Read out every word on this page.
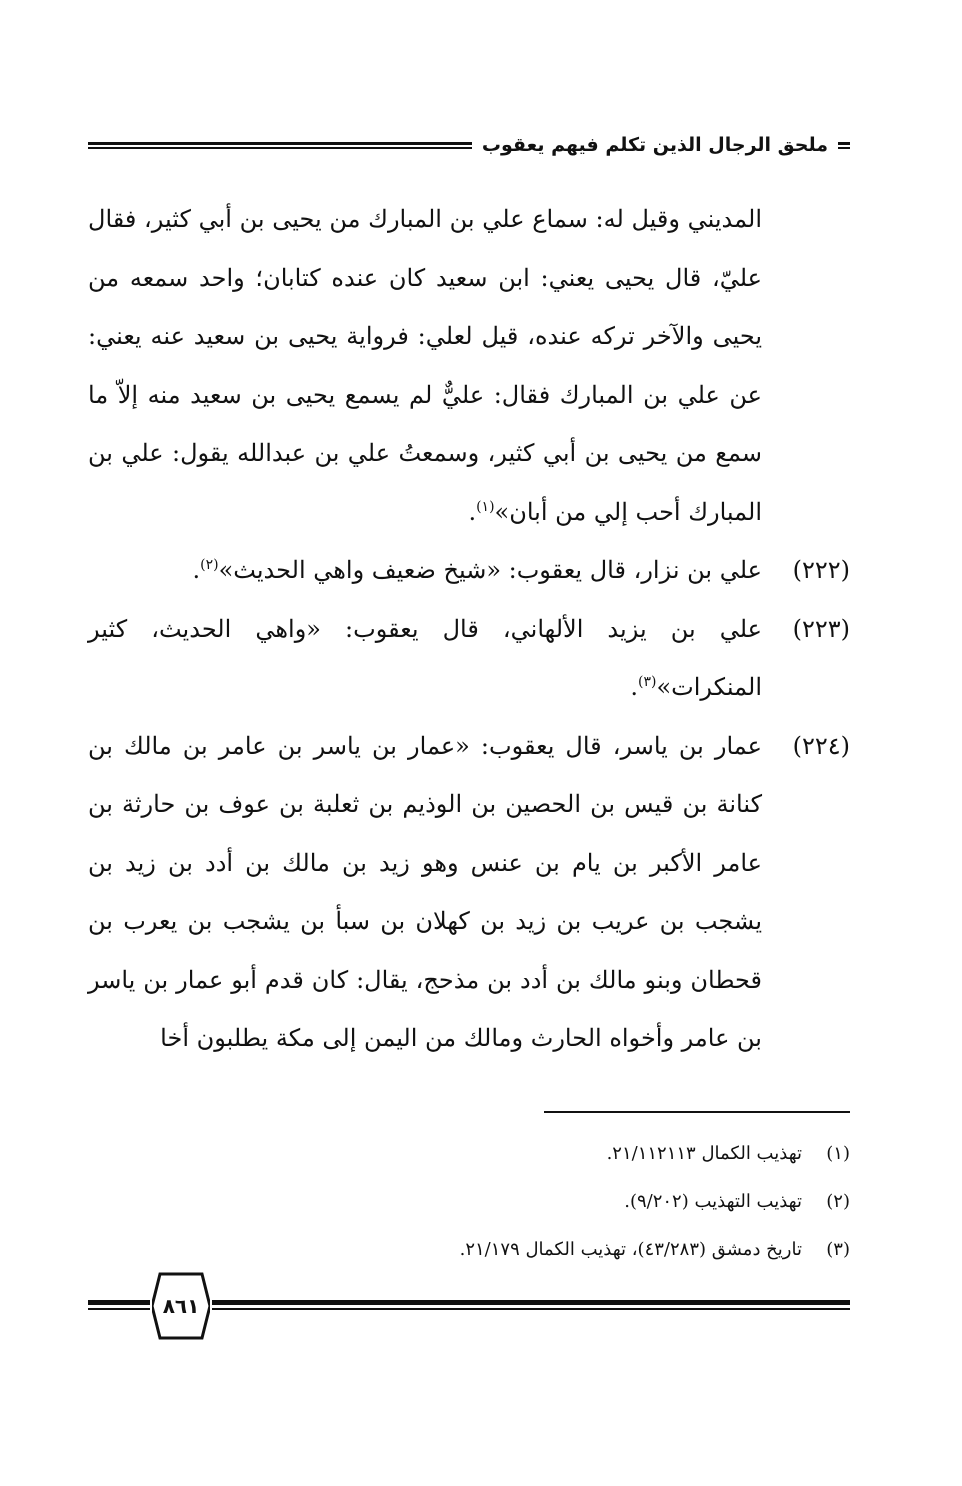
ملحق الرجال الذين تكلم فيهم يعقوب

المديني وقيل له: سماع علي بن المبارك من يحيى بن أبي كثير، فقال عليّ، قال يحيى يعني: ابن سعيد كان عنده كتابان؛ واحد سمعه من يحيى والآخر تركه عنده، قيل لعلي: فرواية يحيى بن سعيد عنه يعني: عن علي بن المبارك فقال: عليٌّ لم يسمع يحيى بن سعيد منه إلاّ ما سمع من يحيى بن أبي كثير، وسمعتُ علي بن عبدالله يقول: علي بن المبارك أحب إلي من أبان»$^{(١)}$.

(٢٢٢)
علي بن نزار، قال يعقوب: «شيخ ضعيف واهي الحديث»$^{(٢)}$.
(٢٢٣)
علي بن يزيد الألهاني، قال يعقوب: «واهي الحديث، كثير المنكرات»$^{(٣)}$.
(٢٢٤)
عمار بن ياسر، قال يعقوب: «عمار بن ياسر بن عامر بن مالك بن كنانة بن قيس بن الحصين بن الوذيم بن ثعلبة بن عوف بن حارثة بن عامر الأكبر بن يام بن عنس وهو زيد بن مالك بن أدد بن زيد بن يشجب بن عريب بن زيد بن كهلان بن سبأ بن يشجب بن يعرب بن قحطان وبنو مالك بن أدد بن مذحج، يقال: كان قدم أبو عمار بن ياسر بن عامر وأخواه الحارث ومالك من اليمن إلى مكة يطلبون أخا
(١)
تهذيب الكمال ٢١/١١٢١١٣.
(٢)
تهذيب التهذيب (٩/٢٠٢).
(٣)
تاريخ دمشق (٤٣/٢٨٣)، تهذيب الكمال ٢١/١٧٩.
٨٦١
